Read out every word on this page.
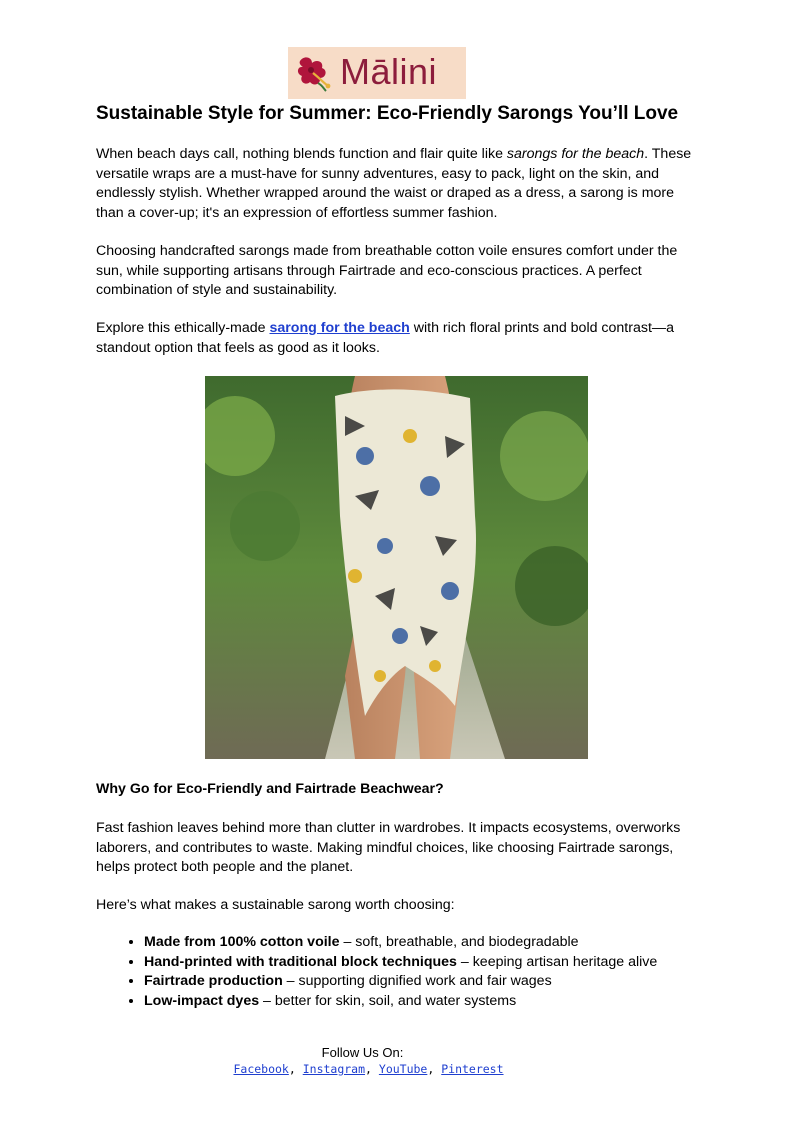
Mālini
Sustainable Style for Summer: Eco-Friendly Sarongs You’ll Love

When beach days call, nothing blends function and flair quite like sarongs for the beach. These versatile wraps are a must-have for sunny adventures, easy to pack, light on the skin, and endlessly stylish. Whether wrapped around the waist or draped as a dress, a sarong is more than a cover-up; it's an expression of effortless summer fashion.

Choosing handcrafted sarongs made from breathable cotton voile ensures comfort under the sun, while supporting artisans through Fairtrade and eco-conscious practices. A perfect combination of style and sustainability.

Explore this ethically-made sarong for the beach with rich floral prints and bold contrast—a standout option that feels as good as it looks.

Why Go for Eco-Friendly and Fairtrade Beachwear?

Fast fashion leaves behind more than clutter in wardrobes. It impacts ecosystems, overworks laborers, and contributes to waste. Making mindful choices, like choosing Fairtrade sarongs, helps protect both people and the planet.

Here’s what makes a sustainable sarong worth choosing:

• Made from 100% cotton voile – soft, breathable, and biodegradable
• Hand-printed with traditional block techniques – keeping artisan heritage alive
• Fairtrade production – supporting dignified work and fair wages
• Low-impact dyes – better for skin, soil, and water systems
Follow Us On:
Facebook, Instagram, YouTube, Pinterest
